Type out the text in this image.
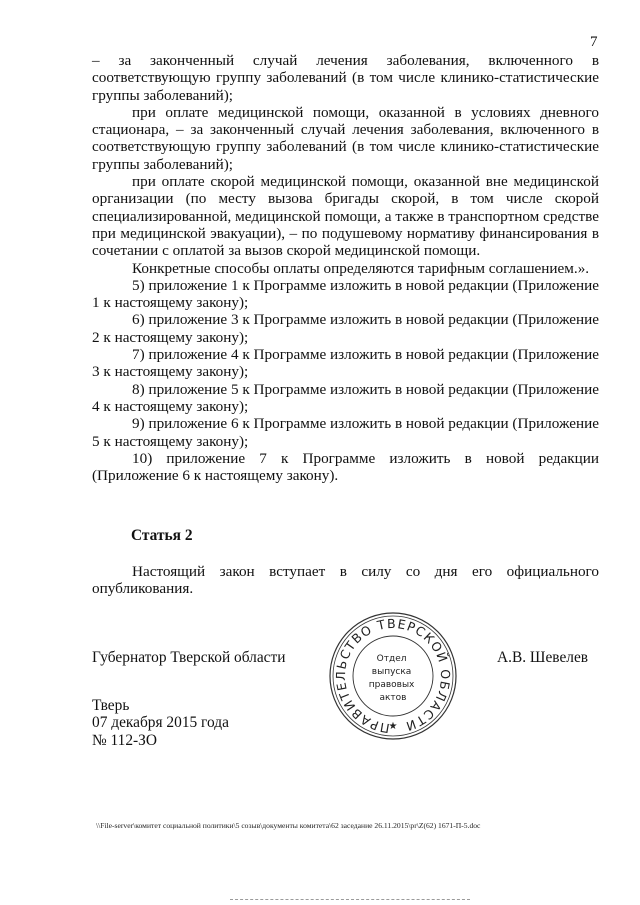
7

– за законченный случай лечения заболевания, включенного в соответствующую группу заболеваний (в том числе клинико-статистические группы заболеваний);

при оплате медицинской помощи, оказанной в условиях дневного стационара, – за законченный случай лечения заболевания, включенного в соответствующую группу заболеваний (в том числе клинико-статистические группы заболеваний);

при оплате скорой медицинской помощи, оказанной вне медицинской организации (по месту вызова бригады скорой, в том числе скорой специализированной, медицинской помощи, а также в транспортном средстве при медицинской эвакуации), – по подушевому нормативу финансирования в сочетании с оплатой за вызов скорой медицинской помощи.

Конкретные способы оплаты определяются тарифным соглашением.».

5) приложение 1 к Программе изложить в новой редакции (Приложение 1 к настоящему закону);

6) приложение 3 к Программе изложить в новой редакции (Приложение 2 к настоящему закону);

7) приложение 4 к Программе изложить в новой редакции (Приложение 3 к настоящему закону);

8) приложение 5 к Программе изложить в новой редакции (Приложение 4 к настоящему закону);

9) приложение 6 к Программе изложить в новой редакции (Приложение 5 к настоящему закону);

10) приложение 7 к Программе изложить в новой редакции (Приложение 6 к настоящему закону).

Статья 2

Настоящий закон вступает в силу со дня его официального опубликования.

Губернатор Тверской области	А.В. Шевелев
Тверь
07 декабря 2015 года
№ 112-ЗО
ПРАВИТЕЛЬСТВО ТВЕРСКОЙ ОБЛАСТИ
★
Отдел выпуска правовых актов
\\File-server\комитет социальной политики\5 созыв\документы комитета\62 заседание 26.11.2015\pr\Z(62) 1671-П-5.doc
